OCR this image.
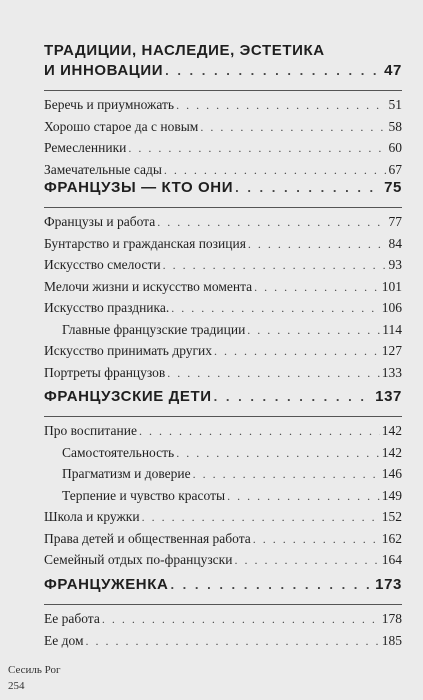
ТРАДИЦИИ, НАСЛЕДИЕ, ЭСТЕТИКА
И ИННОВАЦИИ . . .	47
Беречь и приумножать . . .	51
Хорошо старое да с новым . . .	58
Ремесленники . . .	60
Замечательные сады . . .	67
ФРАНЦУЗЫ — КТО ОНИ . . .	75
Французы и работа . . .	77
Бунтарство и гражданская позиция . . .	84
Искусство смелости . . .	93
Мелочи жизни и искусство момента . . .	101
Искусство праздника. . . .	106
Главные французские традиции . . .	114
Искусство принимать других . . .	127
Портреты французов . . .	133
ФРАНЦУЗСКИЕ ДЕТИ . . .	137
Про воспитание . . .	142
Самостоятельность . . .	142
Прагматизм и доверие . . .	146
Терпение и чувство красоты . . .	149
Школа и кружки . . .	152
Права детей и общественная работа . . .	162
Семейный отдых по-французски . . .	164
ФРАНЦУЖЕНКА . . .	173
Ее работа . . .	178
Ее дом . . .	185
Сесиль Рог
254
